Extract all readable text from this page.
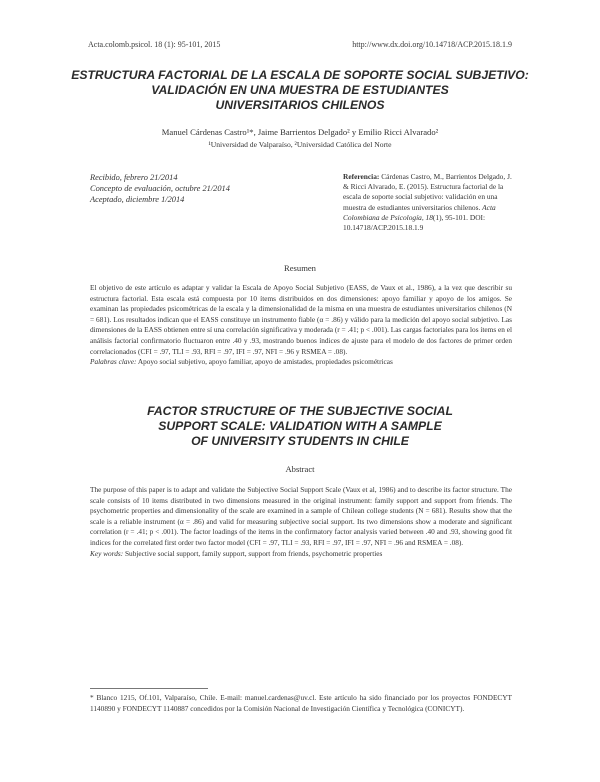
Acta.colomb.psicol. 18 (1): 95-101, 2015	http://www.dx.doi.org/10.14718/ACP.2015.18.1.9
ESTRUCTURA FACTORIAL DE LA ESCALA DE SOPORTE SOCIAL SUBJETIVO:
VALIDACIÓN EN UNA MUESTRA DE ESTUDIANTES
UNIVERSITARIOS CHILENOS
Manuel Cárdenas Castro¹*, Jaime Barrientos Delgado² y Emilio Ricci Alvarado²
¹Universidad de Valparaíso, ²Universidad Católica del Norte
Recibido, febrero 21/2014
Concepto de evaluación, octubre 21/2014
Aceptado, diciembre 1/2014
Referencia: Cárdenas Castro, M., Barrientos Delgado, J. & Ricci Alvarado, E. (2015). Estructura factorial de la escala de soporte social subjetivo: validación en una muestra de estudiantes universitarios chilenos. Acta Colombiana de Psicología, 18(1), 95-101. DOI: 10.14718/ACP.2015.18.1.9
Resumen
El objetivo de este artículo es adaptar y validar la Escala de Apoyo Social Subjetivo (EASS, de Vaux et al., 1986), a la vez que describir su estructura factorial. Esta escala está compuesta por 10 ítems distribuidos en dos dimensiones: apoyo familiar y apoyo de los amigos. Se examinan las propiedades psicométricas de la escala y la dimensionalidad de la misma en una muestra de estudiantes universitarios chilenos (N = 681). Los resultados indican que el EASS constituye un instrumento fiable (α = .86) y válido para la medición del apoyo social subjetivo. Las dimensiones de la EASS obtienen entre sí una correlación significativa y moderada (r = .41; p < .001). Las cargas factoriales para los ítems en el análisis factorial confirmatorio fluctuaron entre .40 y .93, mostrando buenos índices de ajuste para el modelo de dos factores de primer orden correlacionados (CFI = .97, TLI = .93, RFI = .97, IFI = .97, NFI = .96 y RSMEA = .08).
Palabras clave: Apoyo social subjetivo, apoyo familiar, apoyo de amistades, propiedades psicométricas
FACTOR STRUCTURE OF THE SUBJECTIVE SOCIAL
SUPPORT SCALE: VALIDATION WITH A SAMPLE
OF UNIVERSITY STUDENTS IN CHILE
Abstract
The purpose of this paper is to adapt and validate the Subjective Social Support Scale (Vaux et al, 1986) and to describe its factor structure. The scale consists of 10 items distributed in two dimensions measured in the original instrument: family support and support from friends. The psychometric properties and dimensionality of the scale are examined in a sample of Chilean college students (N = 681). Results show that the scale is a reliable instrument (α = .86) and valid for measuring subjective social support. Its two dimensions show a moderate and significant correlation (r = .41; p < .001). The factor loadings of the items in the confirmatory factor analysis varied between .40 and .93, showing good fit indices for the correlated first order two factor model (CFI = .97, TLI = .93, RFI = .97, IFI = .97, NFI = .96 and RSMEA = .08).
Key words: Subjective social support, family support, support from friends, psychometric properties
* Blanco 1215, Of.101, Valparaíso, Chile. E-mail: manuel.cardenas@uv.cl. Este artículo ha sido financiado por los proyectos FONDECYT 1140890 y FONDECYT 1140887 concedidos por la Comisión Nacional de Investigación Científica y Tecnológica (CONICYT).
